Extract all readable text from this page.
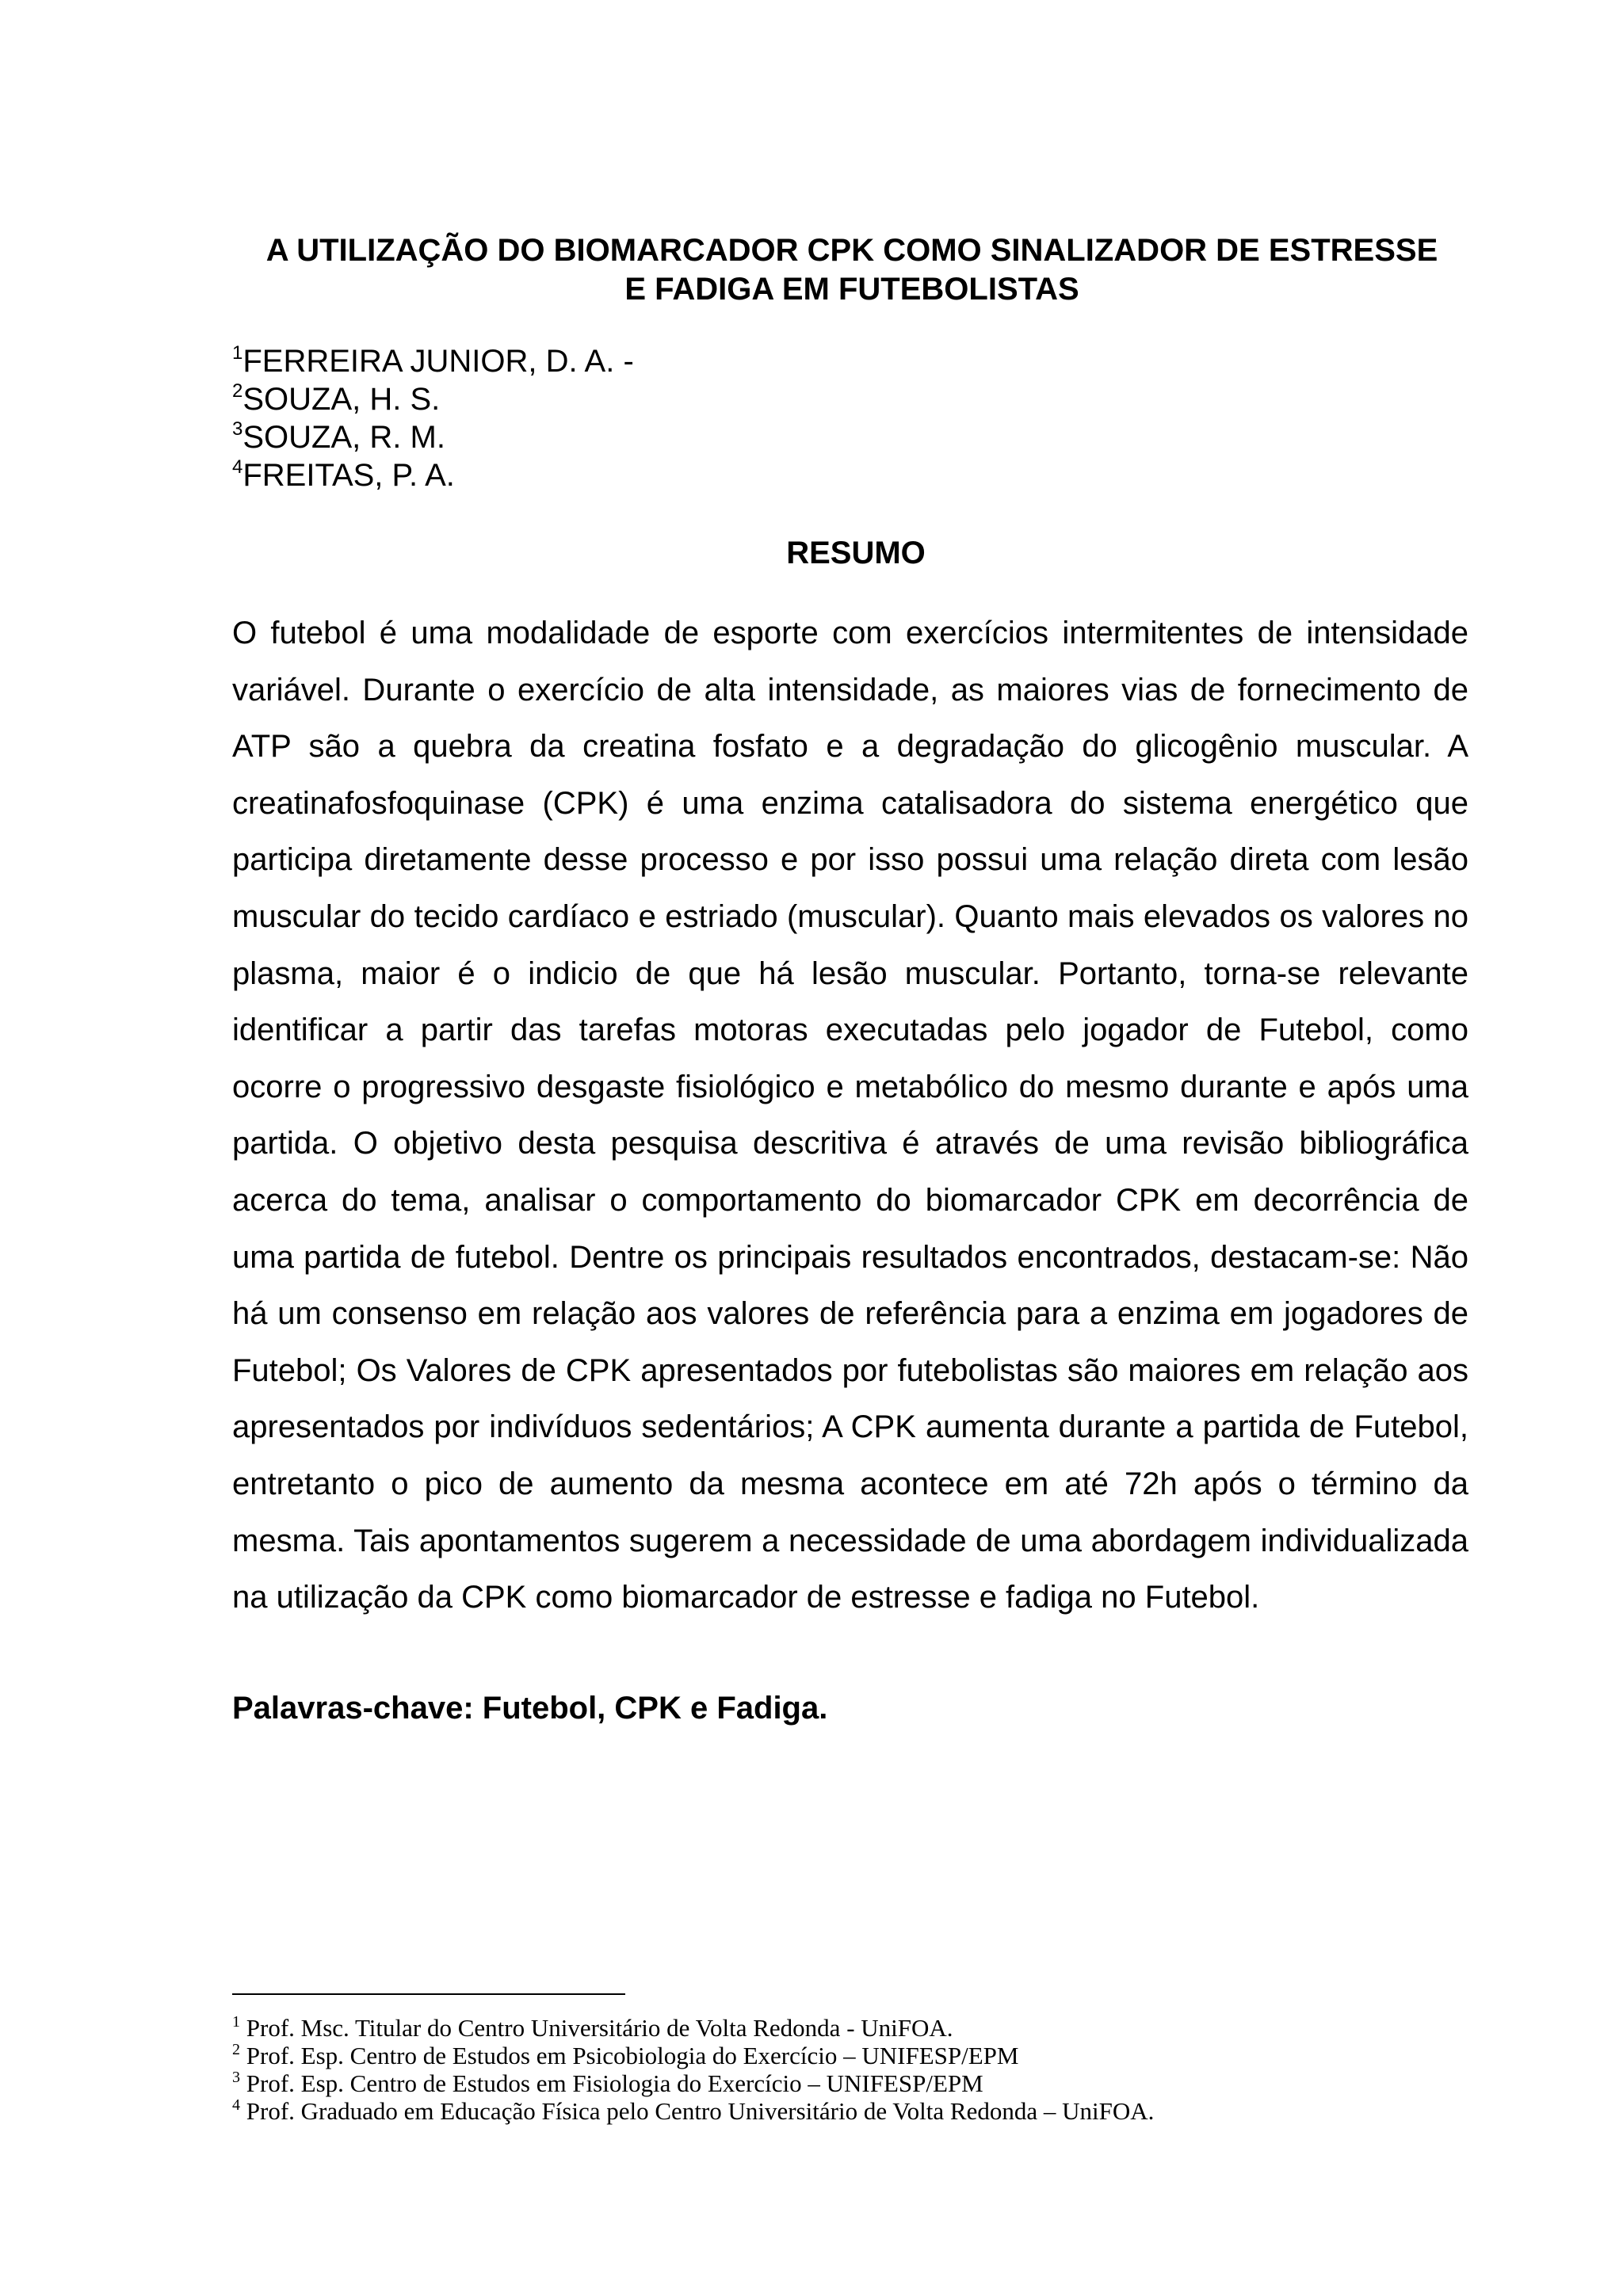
A UTILIZAÇÃO DO BIOMARCADOR CPK COMO SINALIZADOR DE ESTRESSE
E FADIGA EM FUTEBOLISTAS
$^1$FERREIRA JUNIOR, D. A. -
$^2$SOUZA, H. S.
$^3$SOUZA, R. M.
$^4$FREITAS, P. A.
RESUMO

O futebol é uma modalidade de esporte com exercícios intermitentes de intensidade variável. Durante o exercício de alta intensidade, as maiores vias de fornecimento de ATP são a quebra da creatina fosfato e a degradação do glicogênio muscular. A creatinafosfoquinase (CPK) é uma enzima catalisadora do sistema energético que participa diretamente desse processo e por isso possui uma relação direta com lesão muscular do tecido cardíaco e estriado (muscular). Quanto mais elevados os valores no plasma, maior é o indicio de que há lesão muscular. Portanto, torna-se relevante identificar a partir das tarefas motoras executadas pelo jogador de Futebol, como ocorre o progressivo desgaste fisiológico e metabólico do mesmo durante e após uma partida. O objetivo desta pesquisa descritiva é através de uma revisão bibliográfica acerca do tema, analisar o comportamento do biomarcador CPK em decorrência de uma partida de futebol. Dentre os principais resultados encontrados, destacam-se: Não há um consenso em relação aos valores de referência para a enzima em jogadores de Futebol; Os Valores de CPK apresentados por futebolistas são maiores em relação aos apresentados por indivíduos sedentários; A CPK aumenta durante a partida de Futebol, entretanto o pico de aumento da mesma acontece em até 72h após o término da mesma. Tais apontamentos sugerem a necessidade de uma abordagem individualizada na utilização da CPK como biomarcador de estresse e fadiga no Futebol.

Palavras-chave: Futebol, CPK e Fadiga.
$^1$ Prof. Msc. Titular do Centro Universitário de Volta Redonda - UniFOA.
$^2$ Prof. Esp. Centro de Estudos em Psicobiologia do Exercício – UNIFESP/EPM
$^3$ Prof. Esp. Centro de Estudos em Fisiologia do Exercício – UNIFESP/EPM
$^4$ Prof. Graduado em Educação Física pelo Centro Universitário de Volta Redonda – UniFOA.
